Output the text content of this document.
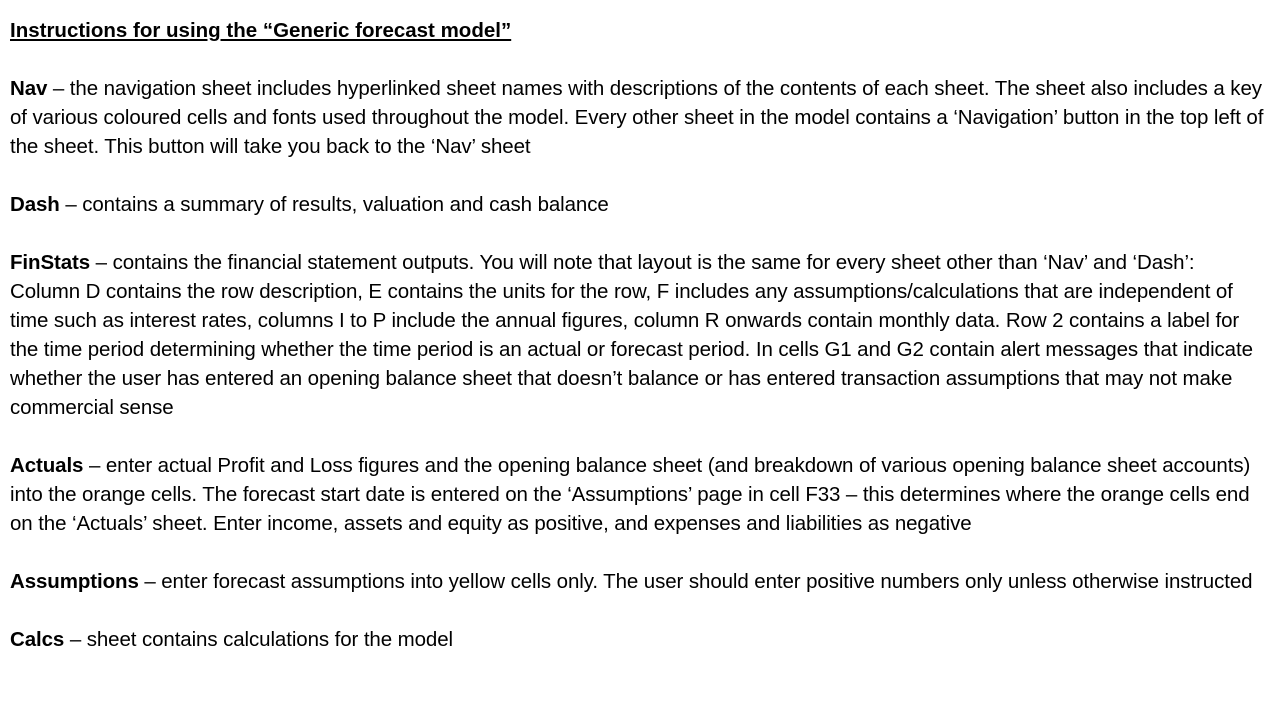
Instructions for using the “Generic forecast model”
Nav – the navigation sheet includes hyperlinked sheet names with descriptions of the contents of each sheet. The sheet also includes a key of various coloured cells and fonts used throughout the model. Every other sheet in the model contains a ‘Navigation’ button in the top left of the sheet. This button will take you back to the ‘Nav’ sheet
Dash – contains a summary of results, valuation and cash balance
FinStats – contains the financial statement outputs. You will note that layout is the same for every sheet other than ‘Nav’ and ‘Dash’: Column D contains the row description, E contains the units for the row, F includes any assumptions/calculations that are independent of time such as interest rates, columns I to P include the annual figures, column R onwards contain monthly data. Row 2 contains a label for the time period determining whether the time period is an actual or forecast period. In cells G1 and G2 contain alert messages that indicate whether the user has entered an opening balance sheet that doesn’t balance or has entered transaction assumptions that may not make commercial sense
Actuals – enter actual Profit and Loss figures and the opening balance sheet (and breakdown of various opening balance sheet accounts) into the orange cells. The forecast start date is entered on the ‘Assumptions’ page in cell F33 – this determines where the orange cells end on the ‘Actuals’ sheet. Enter income, assets and equity as positive, and expenses and liabilities as negative
Assumptions – enter forecast assumptions into yellow cells only. The user should enter positive numbers only unless otherwise instructed
Calcs – sheet contains calculations for the model
